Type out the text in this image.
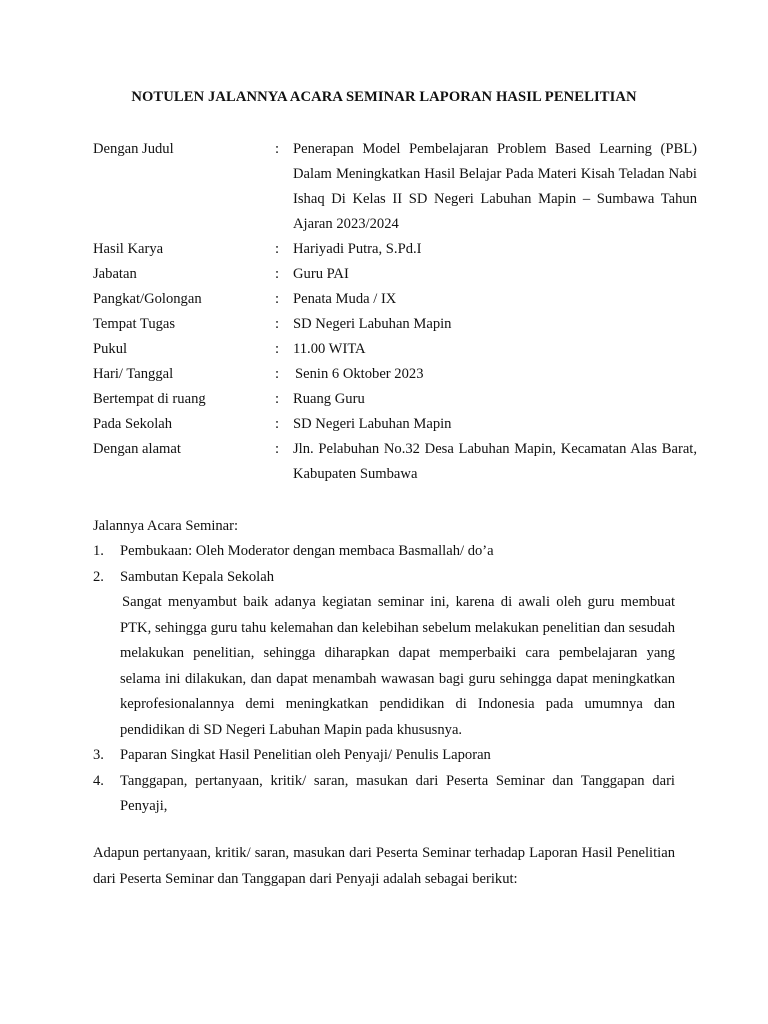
NOTULEN JALANNYA ACARA SEMINAR LAPORAN HASIL PENELITIAN
Dengan Judul	: Penerapan Model Pembelajaran Problem Based Learning (PBL) Dalam Meningkatkan Hasil Belajar Pada Materi Kisah Teladan Nabi Ishaq Di Kelas II SD Negeri Labuhan Mapin – Sumbawa Tahun Ajaran 2023/2024
Hasil Karya	: Hariyadi Putra, S.Pd.I
Jabatan	: Guru PAI
Pangkat/Golongan	: Penata Muda / IX
Tempat Tugas	: SD Negeri Labuhan Mapin
Pukul	: 11.00 WITA
Hari/ Tanggal	:	Senin 6 Oktober 2023
Bertempat di ruang	: Ruang Guru
Pada Sekolah	: SD Negeri Labuhan Mapin
Dengan alamat	: Jln. Pelabuhan No.32 Desa Labuhan Mapin, Kecamatan Alas Barat, Kabupaten Sumbawa
Jalannya Acara Seminar:
1.	Pembukaan: Oleh Moderator dengan membaca Basmallah/ do’a
2.	Sambutan Kepala Sekolah
Sangat menyambut baik adanya kegiatan seminar ini, karena di awali oleh guru membuat PTK, sehingga guru tahu kelemahan dan kelebihan sebelum melakukan penelitian dan sesudah melakukan penelitian, sehingga diharapkan dapat memperbaiki cara pembelajaran yang selama ini dilakukan, dan dapat menambah wawasan bagi guru sehingga dapat meningkatkan keprofesionalannya demi meningkatkan pendidikan di Indonesia pada umumnya dan pendidikan di SD Negeri Labuhan Mapin pada khususnya.
3.	Paparan Singkat Hasil Penelitian oleh Penyaji/ Penulis Laporan
4.	Tanggapan, pertanyaan, kritik/ saran, masukan dari Peserta Seminar dan Tanggapan dari Penyaji,
Adapun pertanyaan, kritik/ saran, masukan dari Peserta Seminar terhadap Laporan Hasil Penelitian dari Peserta Seminar dan Tanggapan dari Penyaji adalah sebagai berikut:
